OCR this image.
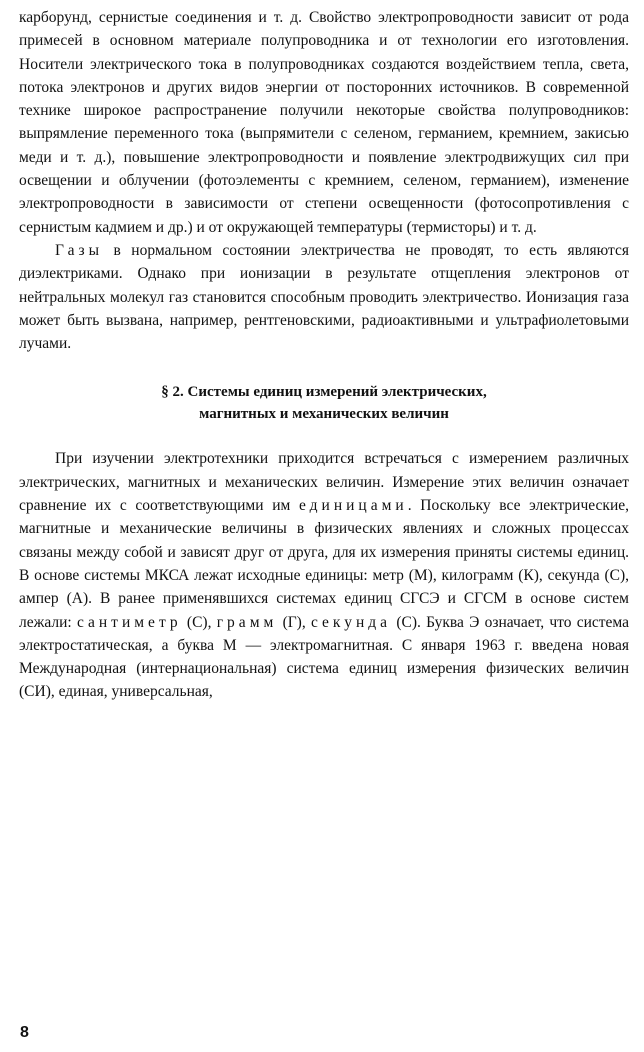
карборунд, сернистые соединения и т. д. Свойство электропроводности зависит от рода примесей в основном материале полупроводника и от технологии его изготовления. Носители электрического тока в полупроводниках создаются воздействием тепла, света, потока электронов и других видов энергии от посторонних источников. В современной технике широкое распространение получили некоторые свойства полупроводников: выпрямление переменного тока (выпрямители с селеном, германием, кремнием, закисью меди и т. д.), повышение электропроводности и появление электродвижущих сил при освещении и облучении (фотоэлементы с кремнием, селеном, германием), изменение электропроводности в зависимости от степени освещенности (фотосопротивления с сернистым кадмием и др.) и от окружающей температуры (термисторы) и т. д.

Газы в нормальном состоянии электричества не проводят, то есть являются диэлектриками. Однако при ионизации в результате отщепления электронов от нейтральных молекул газ становится способным проводить электричество. Ионизация газа может быть вызвана, например, рентгеновскими, радиоактивными и ультрафиолетовыми лучами.

§ 2. Системы единиц измерений электрических,
магнитных и механических величин

При изучении электротехники приходится встречаться с измерением различных электрических, магнитных и механических величин. Измерение этих величин означает сравнение их с соответствующими им единицами. Поскольку все электрические, магнитные и механические величины в физических явлениях и сложных процессах связаны между собой и зависят друг от друга, для их измерения приняты системы единиц. В основе системы МКСА лежат исходные единицы: метр (М), килограмм (К), секунда (С), ампер (А). В ранее применявшихся системах единиц СГСЭ и СГСМ в основе систем лежали: сантиметр (С), грамм (Г), секунда (С). Буква Э означает, что система электростатическая, а буква М — электромагнитная. С января 1963 г. введена новая Международная (интернациональная) система единиц измерения физических величин (СИ), единая, универсальная,

8
